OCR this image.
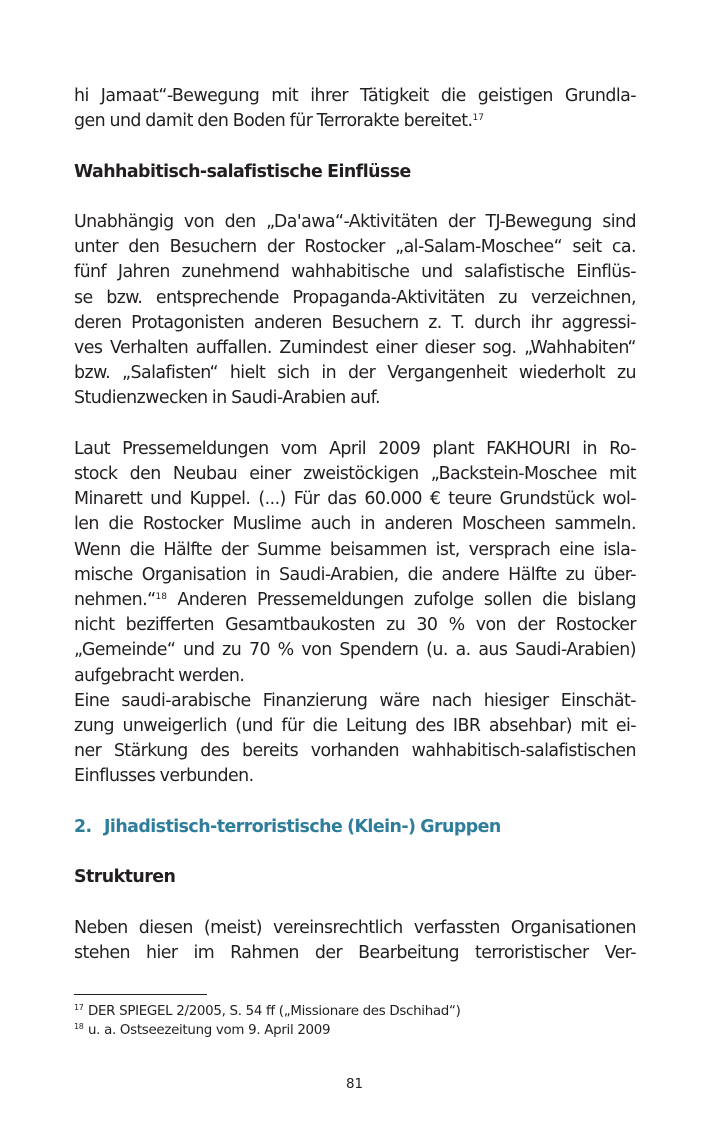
hi Jamaat“-Bewegung mit ihrer Tätigkeit die geistigen Grundla-
gen und damit den Boden für Terrorakte bereitet.$^{17}$

Wahhabitisch-salafistische Einflüsse

Unabhängig von den „Da'awa“-Aktivitäten der TJ-Bewegung sind
unter den Besuchern der Rostocker „al-Salam-Moschee“ seit ca.
fünf Jahren zunehmend wahhabitische und salafistische Einflüs-
se bzw. entsprechende Propaganda-Aktivitäten zu verzeichnen,
deren Protagonisten anderen Besuchern z. T. durch ihr aggressi-
ves Verhalten auffallen. Zumindest einer dieser sog. „Wahhabiten“
bzw. „Salafisten“ hielt sich in der Vergangenheit wiederholt zu
Studienzwecken in Saudi-Arabien auf.

Laut Pressemeldungen vom April 2009 plant FAKHOURI in Ro-
stock den Neubau einer zweistöckigen „Backstein-Moschee mit
Minarett und Kuppel. (...) Für das 60.000 € teure Grundstück wol-
len die Rostocker Muslime auch in anderen Moscheen sammeln.
Wenn die Hälfte der Summe beisammen ist, versprach eine isla-
mische Organisation in Saudi-Arabien, die andere Hälfte zu über-
nehmen.“$^{18}$ Anderen Pressemeldungen zufolge sollen die bislang
nicht bezifferten Gesamtbaukosten zu 30 % von der Rostocker
„Gemeinde“ und zu 70 % von Spendern (u. a. aus Saudi-Arabien)
aufgebracht werden.

Eine saudi-arabische Finanzierung wäre nach hiesiger Einschät-
zung unweigerlich (und für die Leitung des IBR absehbar) mit ei-
ner Stärkung des bereits vorhanden wahhabitisch-salafistischen
Einflusses verbunden.

2. Jihadistisch-terroristische (Klein-) Gruppen
Strukturen

Neben diesen (meist) vereinsrechtlich verfassten Organisationen
stehen hier im Rahmen der Bearbeitung terroristischer Ver-

17 DER SPIEGEL 2/2005, S. 54 ff („Missionare des Dschihad“)

18 u. a. Ostseezeitung vom 9. April 2009

81
